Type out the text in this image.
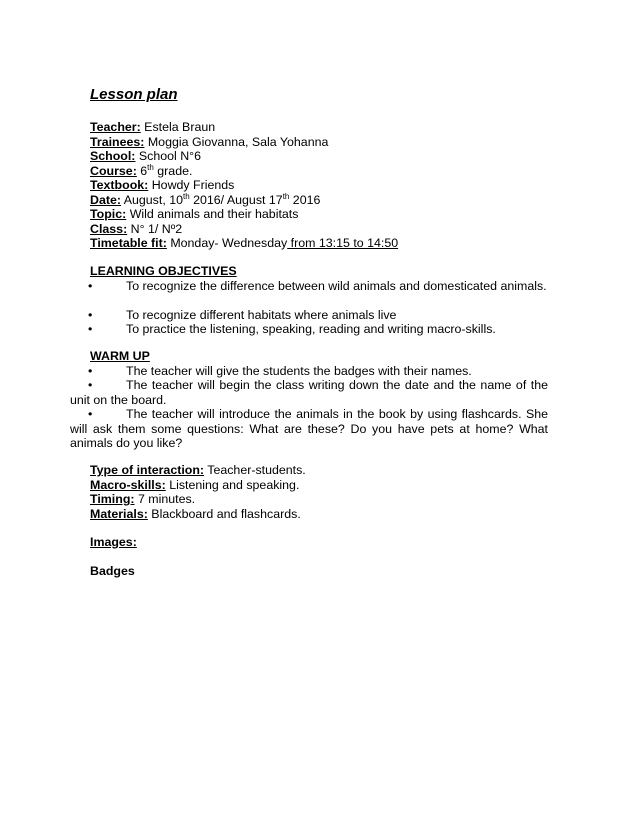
Lesson plan
Teacher: Estela Braun
Trainees: Moggia Giovanna, Sala Yohanna
School: School N°6
Course: 6th grade.
Textbook: Howdy Friends
Date: August, 10th 2016/ August 17th 2016
Topic: Wild animals and their habitats
Class: N° 1/ Nº2
Timetable fit: Monday- Wednesday from 13:15 to 14:50
LEARNING OBJECTIVES
•	To recognize the difference between wild animals and domesticated animals.
•	To recognize different habitats where animals live
•	To practice the listening, speaking, reading and writing macro-skills.
WARM UP
•	The teacher will give the students the badges with their names.
•	The teacher will begin the class writing down the date and the name of the unit on the board.
•	The teacher will introduce the animals in the book by using flashcards. She will ask them some questions: What are these? Do you have pets at home? What animals do you like?
Type of interaction: Teacher-students.
Macro-skills: Listening and speaking.
Timing: 7 minutes.
Materials: Blackboard and flashcards.
Images:
Badges
